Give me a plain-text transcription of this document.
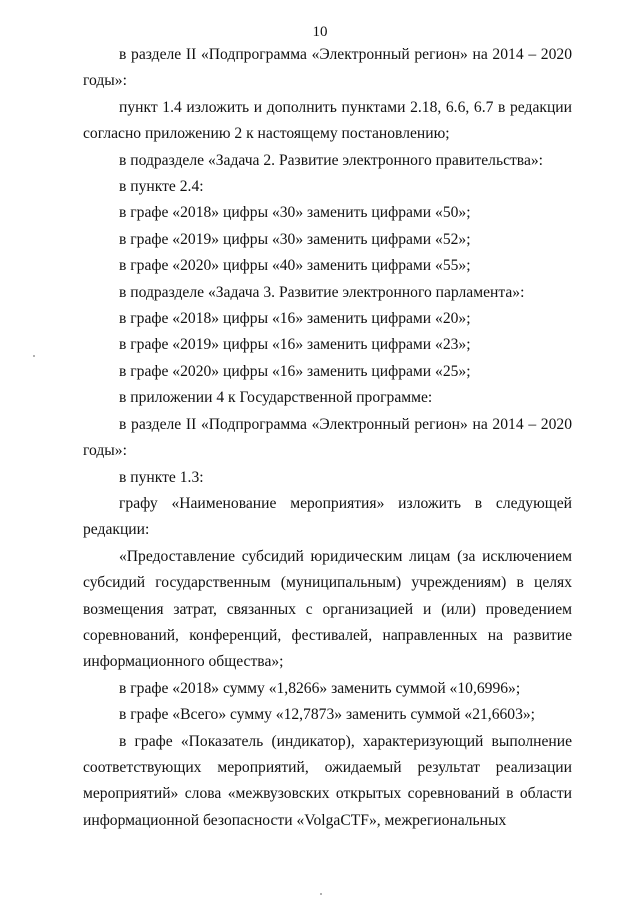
10

в разделе II «Подпрограмма «Электронный регион» на 2014 – 2020 годы»:

пункт 1.4 изложить и дополнить пунктами 2.18, 6.6, 6.7 в редакции согласно приложению 2 к настоящему постановлению;

в подразделе «Задача 2. Развитие электронного правительства»:

в пункте 2.4:

в графе «2018» цифры «30» заменить цифрами «50»;

в графе «2019» цифры «30» заменить цифрами «52»;

в графе «2020» цифры «40» заменить цифрами «55»;

в подразделе «Задача 3. Развитие электронного парламента»:

в графе «2018» цифры «16» заменить цифрами «20»;

в графе «2019» цифры «16» заменить цифрами «23»;

в графе «2020» цифры «16» заменить цифрами «25»;

в приложении 4 к Государственной программе:

в разделе II «Подпрограмма «Электронный регион» на 2014 – 2020 годы»:

в пункте 1.3:

графу «Наименование мероприятия» изложить в следующей редакции:

«Предоставление субсидий юридическим лицам (за исключением субсидий государственным (муниципальным) учреждениям) в целях возмещения затрат, связанных с организацией и (или) проведением соревнований, конференций, фестивалей, направленных на развитие информационного общества»;

в графе «2018» сумму «1,8266» заменить суммой «10,6996»;

в графе «Всего» сумму «12,7873» заменить суммой «21,6603»;

в графе «Показатель (индикатор), характеризующий выполнение соответствующих мероприятий, ожидаемый результат реализации мероприятий» слова «межвузовских открытых соревнований в области информационной безопасности «VolgaCTF», межрегиональных
